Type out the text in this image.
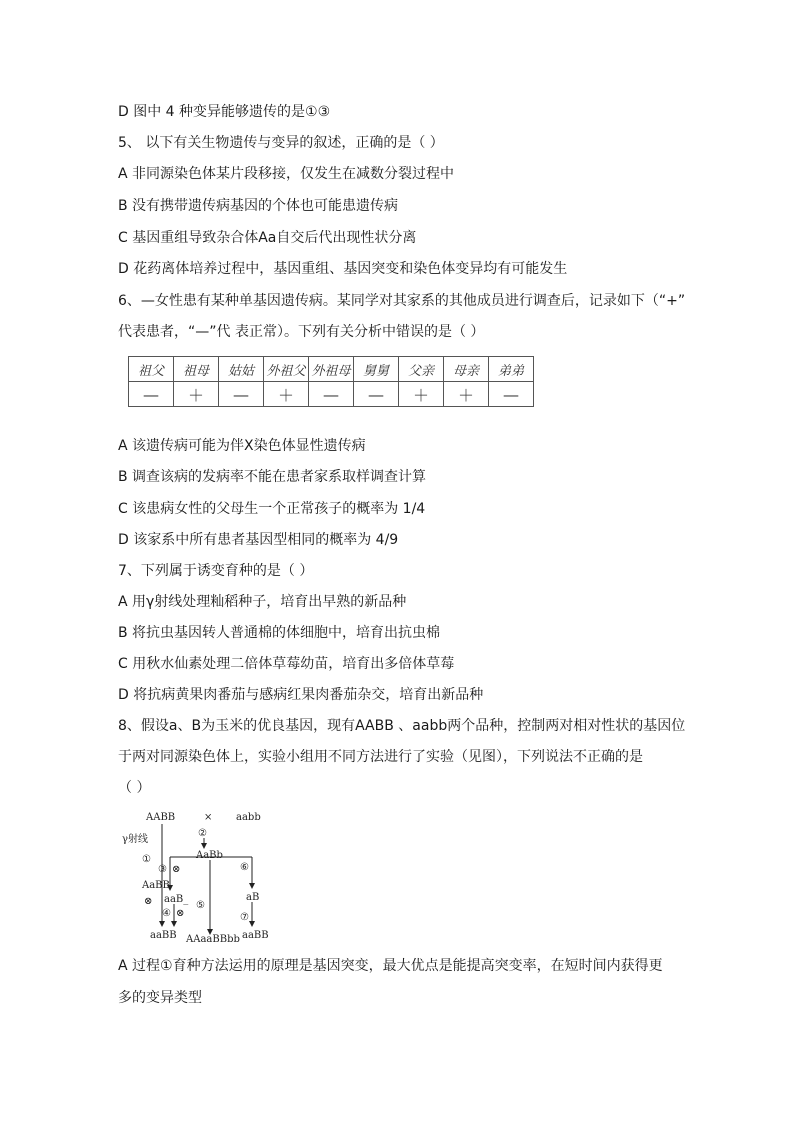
D 图中 4 种变异能够遗传的是①③
5、 以下有关生物遗传与变异的叙述，正确的是（ ）
A 非同源染色体某片段移接，仅发生在减数分裂过程中
B 没有携带遗传病基因的个体也可能患遗传病
C 基因重组导致杂合体Aa自交后代出现性状分离
D 花药离体培养过程中，基因重组、基因突变和染色体变异均有可能发生
6、—女性患有某种单基因遗传病。某同学对其家系的其他成员进行调查后，记录如下（“+”
代表患者，“—”代 表正常）。下列有关分析中错误的是（ ）
祖父	祖母	姑姑	外祖父	外祖母	舅舅	父亲	母亲	弟弟
—	＋	—	＋	—	—	＋	＋	—
A 该遗传病可能为伴X染色体显性遗传病
B 调查该病的发病率不能在患者家系取样调查计算
C 该患病女性的父母生一个正常孩子的概率为 1/4
D 该家系中所有患者基因型相同的概率为 4/9
7、下列属于诱变育种的是（ ）
A 用γ射线处理籼稻种子，培育出早熟的新品种
B 将抗虫基因转人普通棉的体细胞中，培育出抗虫棉
C 用秋水仙素处理二倍体草莓幼苗，培育出多倍体草莓
D 将抗病黄果肉番茄与感病红果肉番茄杂交，培育出新品种
8、假设a、B为玉米的优良基因，现有AABB 、aabb两个品种，控制两对相对性状的基因位
于两对同源染色体上，实验小组用不同方法进行了实验（见图），下列说法不正确的是
（ ）
AABB	× aabb
γ射线
②
①	AaBb
③ ⊗	⑥
AaBB
⊗ aaB_
④ ⊗
⑤
aB
⑦
aaBB AAaaBBbb aaBB
A 过程①育种方法运用的原理是基因突变，最大优点是能提高突变率，在短时间内获得更
多的变异类型
